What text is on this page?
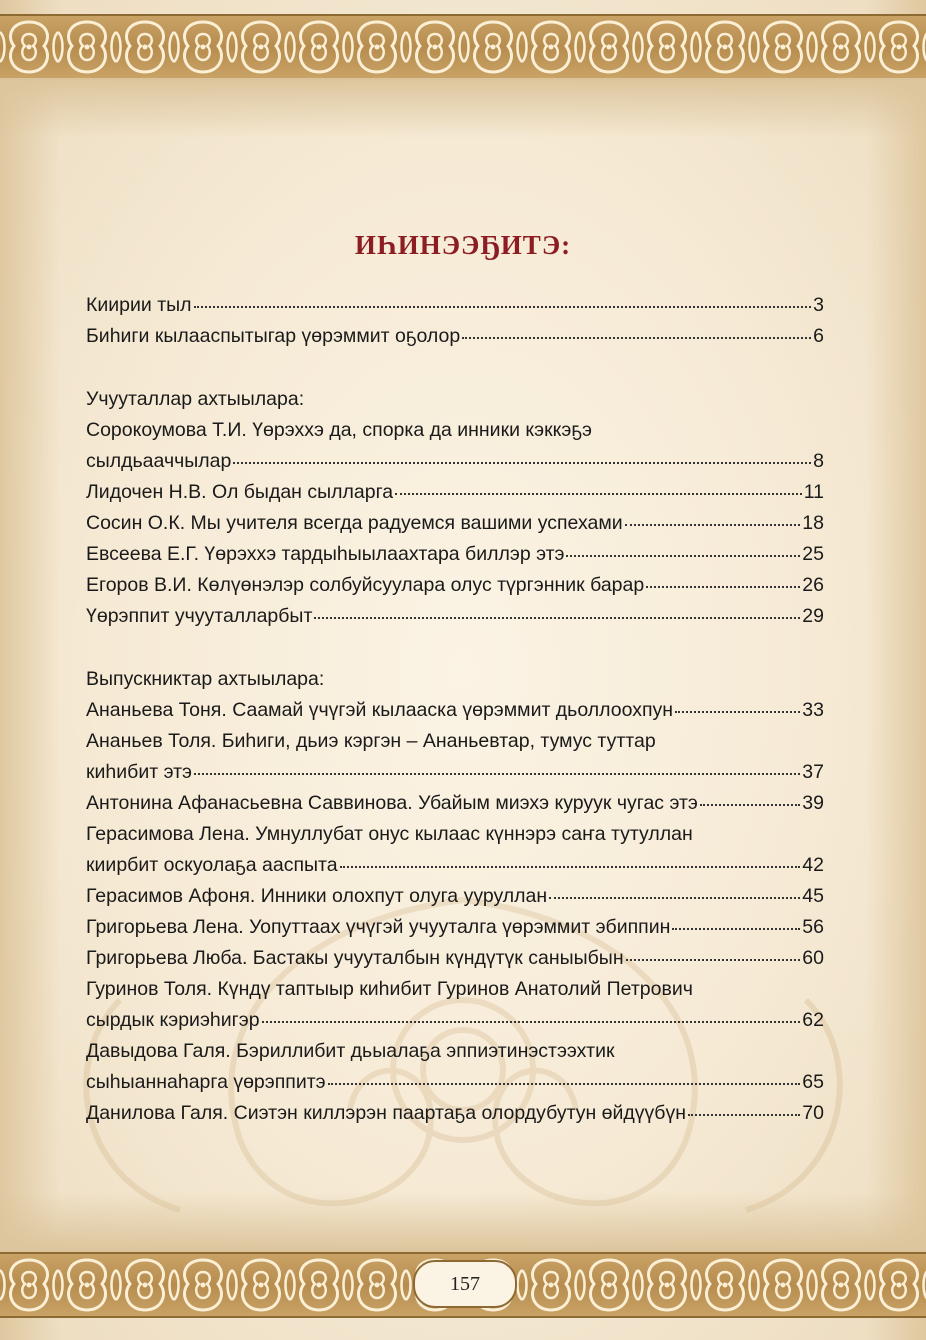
ИҺИНЭЭҔИТЭ:
Киирии тыл	3
Биһиги кылааспытыгар үөрэммит оҕолор	6
Учууталлар ахтыылара:
Сорокоумова Т.И. Үөрэххэ да, спорка да инники кэккэҕэ
сылдьааччылар	8
Лидочен Н.В. Ол быдан сылларга	11
Сосин О.К. Мы учителя всегда радуемся вашими успехами	18
Евсеева Е.Г. Үөрэххэ тардыһыылаахтара биллэр этэ	25
Егоров В.И. Көлүөнэлэр солбуйсуулара олус түргэнник барар	26
Үөрэппит учууталларбыт	29
Выпускниктар ахтыылара:
Ананьева Тоня. Саамай үчүгэй кылааска үөрэммит дьоллоохпун	33
Ананьев Толя. Биһиги, дьиэ кэргэн – Ананьевтар, тумус туттар
киһибит этэ	37
Антонина Афанасьевна Саввинова. Убайым миэхэ куруук чугас этэ	39
Герасимова Лена. Умнуллубат онус кылаас күннэрэ саҥа тутуллан
киирбит оскуолаҕа ааспыта	42
Герасимов Афоня. Инники олохпут олуга ууруллан	45
Григорьева Лена. Уопуттаах үчүгэй учууталга үөрэммит эбиппин	56
Григорьева Люба. Бастакы учууталбын күндүтүк саныыбын	60
Гуринов Толя. Күндү таптыыр киһибит Гуринов Анатолий Петрович
сырдык кэриэһигэр	62
Давыдова Галя. Бэриллибит дьыалаҕа эппиэтинэстээхтик
сыһыаннаһарга үөрэппитэ	65
Данилова Галя. Сиэтэн киллэрэн паартаҕа олордубутун өйдүүбүн	70
157
